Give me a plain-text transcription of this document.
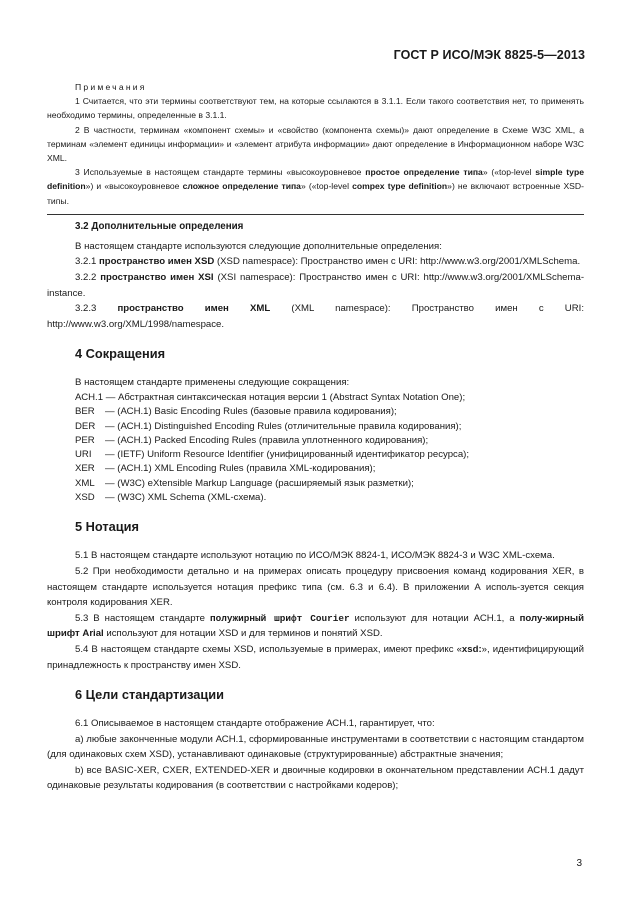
ГОСТ Р ИСО/МЭК 8825-5—2013

Примечания

1 Считается, что эти термины соответствуют тем, на которые ссылаются в 3.1.1. Если такого соответствия нет, то применять необходимо термины, определенные в 3.1.1.

2 В частности, терминам «компонент схемы» и «свойство (компонента схемы)» дают определение в Схеме W3C XML, а терминам «элемент единицы информации» и «элемент атрибута информации» дают определение в Информационном наборе W3C XML.

3 Используемые в настоящем стандарте термины «высокоуровневое простое определение типа» («top-level simple type definition») и «высокоуровневое сложное определение типа» («top-level compex type definition») не включают встроенные XSD-типы.

3.2 Дополнительные определения

В настоящем стандарте используются следующие дополнительные определения:

3.2.1 пространство имен XSD (XSD namespace): Пространство имен с URI: http://www.w3.org/2001/XMLSchema.

3.2.2 пространство имен XSI (XSI namespace): Пространство имен с URI: http://www.w3.org/2001/XMLSchema-instance.

3.2.3 пространство имен XML (XML namespace): Пространство имен с URI: http://www.w3.org/XML/1998/namespace.

4 Сокращения

В настоящем стандарте применены следующие сокращения:

АСН.1 — Абстрактная синтаксическая нотация версии 1 (Abstract Syntax Notation One);

BER	— (АСН.1) Basic Encoding Rules (базовые правила кодирования);
DER	— (АСН.1) Distinguished Encoding Rules (отличительные правила кодирования);
PER	— (АСН.1) Packed Encoding Rules (правила уплотненного кодирования);
URI	— (IETF) Uniform Resource Identifier (унифицированный идентификатор ресурса);
XER	— (АСН.1) XML Encoding Rules (правила XML-кодирования);
XML	— (W3C) eXtensible Markup Language (расширяемый язык разметки);
XSD	— (W3C) XML Schema (XML-схема).

5 Нотация

5.1 В настоящем стандарте используют нотацию по ИСО/МЭК 8824-1, ИСО/МЭК 8824-3 и W3C XML-схема.

5.2 При необходимости детально и на примерах описать процедуру присвоения команд кодирования XER, в настоящем стандарте используется нотация префикс типа (см. 6.3 и 6.4). В приложении А исполь-зуется секция контроля кодирования XER.

5.3 В настоящем стандарте полужирный шрифт Courier используют для нотации АСН.1, а полу-жирный шрифт Arial используют для нотации XSD и для терминов и понятий XSD.

5.4 В настоящем стандарте схемы XSD, используемые в примерах, имеют префикс «xsd:», идентифицирующий принадлежность к пространству имен XSD.

6 Цели стандартизации

6.1 Описываемое в настоящем стандарте отображение АСН.1, гарантирует, что:

а) любые законченные модули АСН.1, сформированные инструментами в соответствии с настоящим стандартом (для одинаковых схем XSD), устанавливают одинаковые (структурированные) абстрактные значения;

b) все BASIC-XER, CXER, EXTENDED-XER и двоичные кодировки в окончательном представлении АСН.1 дадут одинаковые результаты кодирования (в соответствии с настройками кодеров);

3
